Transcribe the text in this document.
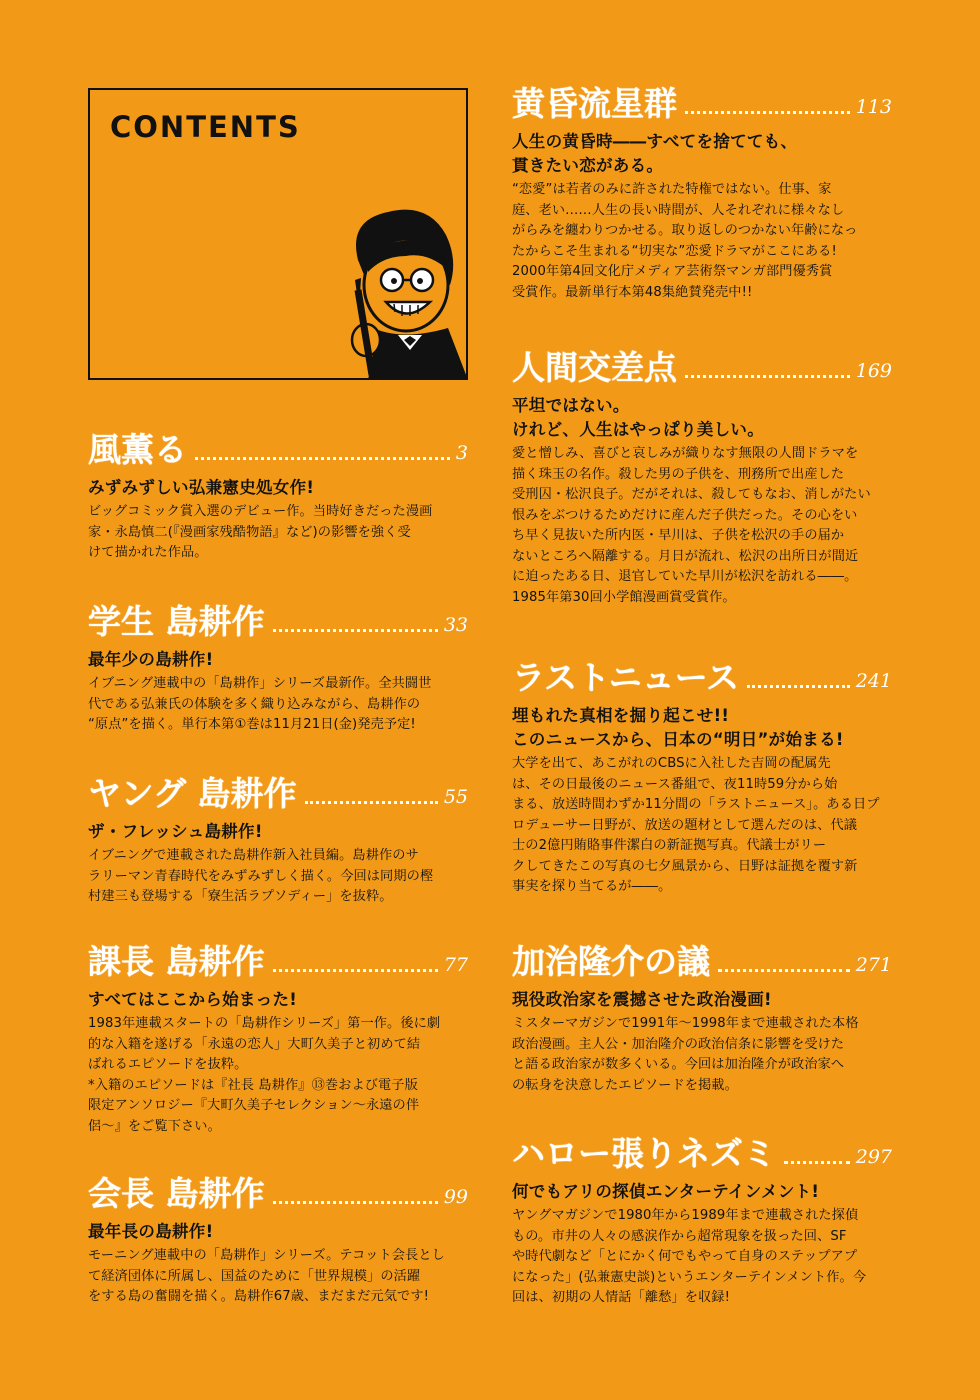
CONTENTS
風薫る	3
みずみずしい弘兼憲史処女作!
ビッグコミック賞入選のデビュー作。当時好きだった漫画
家・永島慎二(『漫画家残酷物語』など)の影響を強く受
けて描かれた作品。
学生 島耕作	33
最年少の島耕作!
イブニング連載中の「島耕作」シリーズ最新作。全共闘世
代である弘兼氏の体験を多く織り込みながら、島耕作の
“原点”を描く。単行本第①巻は11月21日(金)発売予定!
ヤング 島耕作	55
ザ・フレッシュ島耕作!
イブニングで連載された島耕作新入社員編。島耕作のサ
ラリーマン青春時代をみずみずしく描く。今回は同期の樫
村建三も登場する「寮生活ラプソディー」を抜粋。
課長 島耕作	77
すべてはここから始まった!
1983年連載スタートの「島耕作シリーズ」第一作。後に劇
的な入籍を遂げる「永遠の恋人」大町久美子と初めて結
ばれるエピソードを抜粋。
*入籍のエピソードは『社長 島耕作』⑬巻および電子版
限定アンソロジー『大町久美子セレクション〜永遠の伴
侶〜』をご覧下さい。
会長 島耕作	99
最年長の島耕作!
モーニング連載中の「島耕作」シリーズ。テコット会長とし
て経済団体に所属し、国益のために「世界規模」の活躍
をする島の奮闘を描く。島耕作67歳、まだまだ元気です!
黄昏流星群	113
人生の黄昏時――すべてを捨てても、
貫きたい恋がある。
“恋愛”は若者のみに許された特権ではない。仕事、家
庭、老い……人生の長い時間が、人それぞれに様々なし
がらみを纏わりつかせる。取り返しのつかない年齢になっ
たからこそ生まれる“切実な”恋愛ドラマがここにある!
2000年第4回文化庁メディア芸術祭マンガ部門優秀賞
受賞作。最新単行本第48集絶賛発売中!!
人間交差点	169
平坦ではない。
けれど、人生はやっぱり美しい。
愛と憎しみ、喜びと哀しみが織りなす無限の人間ドラマを
描く珠玉の名作。殺した男の子供を、刑務所で出産した
受刑囚・松沢良子。だがそれは、殺してもなお、消しがたい
恨みをぶつけるためだけに産んだ子供だった。その心をい
ち早く見抜いた所内医・早川は、子供を松沢の手の届か
ないところへ隔離する。月日が流れ、松沢の出所日が間近
に迫ったある日、退官していた早川が松沢を訪れる――。
1985年第30回小学館漫画賞受賞作。
ラストニュース	241
埋もれた真相を掘り起こせ!!
このニュースから、日本の“明日”が始まる!
大学を出て、あこがれのCBSに入社した吉岡の配属先
は、その日最後のニュース番組で、夜11時59分から始
まる、放送時間わずか11分間の「ラストニュース」。ある日プ
ロデューサー日野が、放送の題材として選んだのは、代議
士の2億円賄賂事件潔白の新証拠写真。代議士がリー
クしてきたこの写真の七夕風景から、日野は証拠を覆す新
事実を探り当てるが――。
加治隆介の議	271
現役政治家を震撼させた政治漫画!
ミスターマガジンで1991年〜1998年まで連載された本格
政治漫画。主人公・加治隆介の政治信条に影響を受けた
と語る政治家が数多くいる。今回は加治隆介が政治家へ
の転身を決意したエピソードを掲載。
ハロー張りネズミ	297
何でもアリの探偵エンターテインメント!
ヤングマガジンで1980年から1989年まで連載された探偵
もの。市井の人々の感涙作から超常現象を扱った回、SF
や時代劇など「とにかく何でもやって自身のステップアプ
になった」(弘兼憲史談)というエンターテインメント作。今
回は、初期の人情話「離愁」を収録!
